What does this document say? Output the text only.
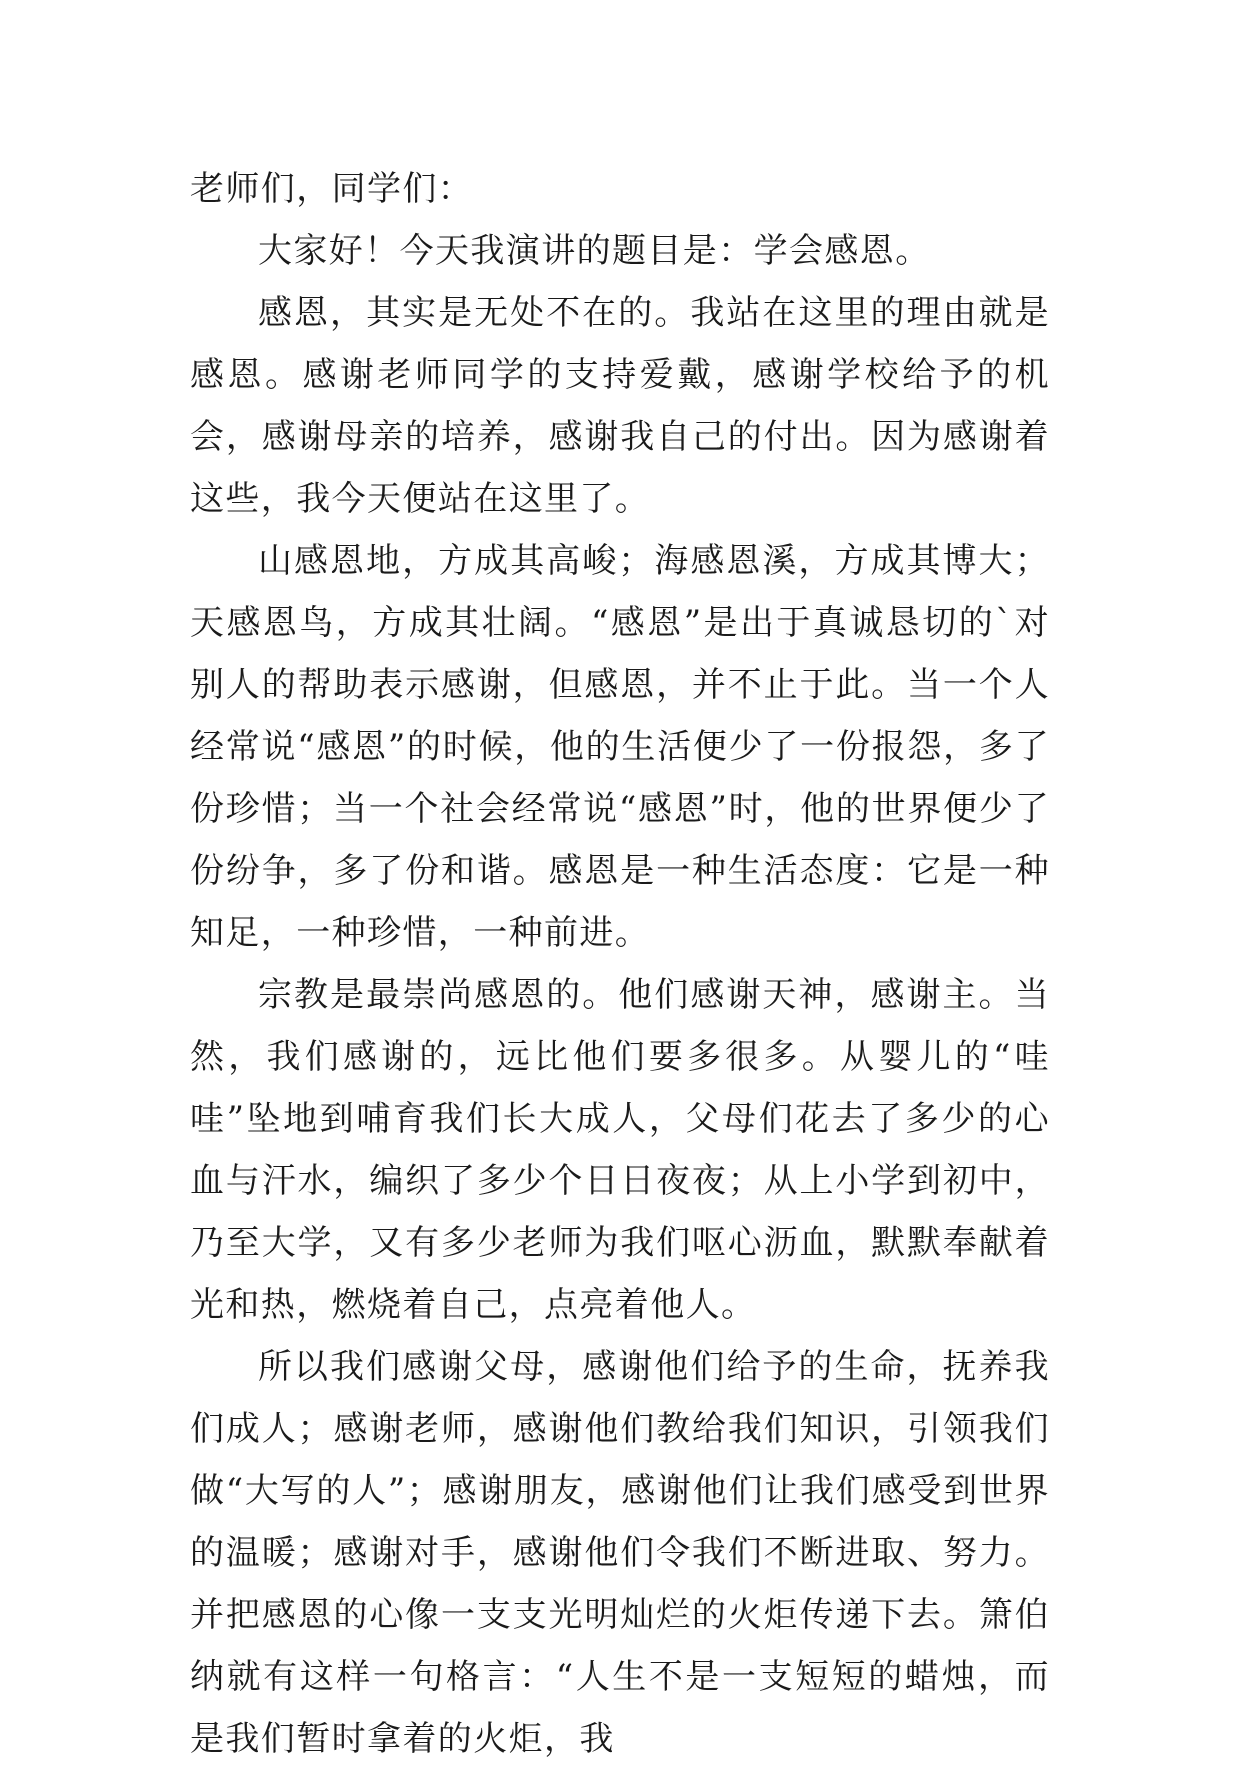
老师们，同学们：

大家好！今天我演讲的题目是：学会感恩。

感恩，其实是无处不在的。我站在这里的理由就是感恩。感谢老师同学的支持爱戴，感谢学校给予的机会，感谢母亲的培养，感谢我自己的付出。因为感谢着这些，我今天便站在这里了。

山感恩地，方成其高峻；海感恩溪，方成其博大；天感恩鸟，方成其壮阔。“感恩”是出于真诚恳切的`对别人的帮助表示感谢，但感恩，并不止于此。当一个人经常说“感恩”的时候，他的生活便少了一份报怨，多了份珍惜；当一个社会经常说“感恩”时，他的世界便少了份纷争，多了份和谐。感恩是一种生活态度：它是一种知足，一种珍惜，一种前进。

宗教是最崇尚感恩的。他们感谢天神，感谢主。当然，我们感谢的，远比他们要多很多。从婴儿的“哇哇”坠地到哺育我们长大成人，父母们花去了多少的心血与汗水，编织了多少个日日夜夜；从上小学到初中，乃至大学，又有多少老师为我们呕心沥血，默默奉献着光和热，燃烧着自己，点亮着他人。

所以我们感谢父母，感谢他们给予的生命，抚养我们成人；感谢老师，感谢他们教给我们知识，引领我们做“大写的人”；感谢朋友，感谢他们让我们感受到世界的温暖；感谢对手，感谢他们令我们不断进取、努力。并把感恩的心像一支支光明灿烂的火炬传递下去。箫伯纳就有这样一句格言：“人生不是一支短短的蜡烛，而是我们暂时拿着的火炬，我
